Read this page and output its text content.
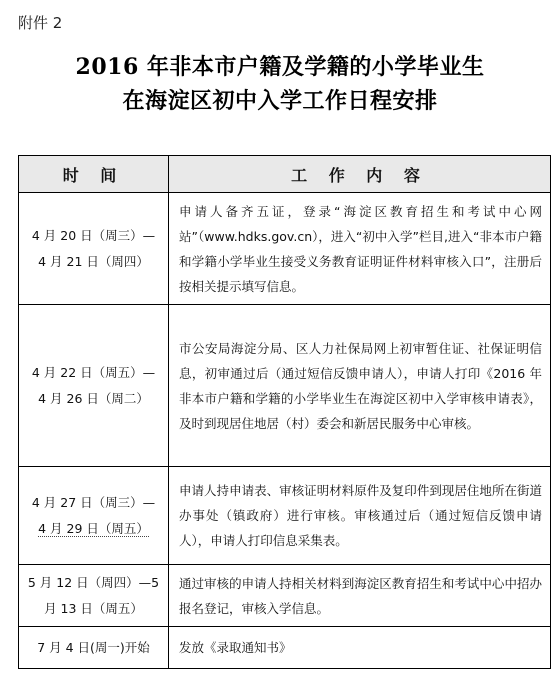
附件 2
2016 年非本市户籍及学籍的小学毕业生
在海淀区初中入学工作日程安排
时 间	工 作 内 容

4 月 20 日（周三）—
4 月 21 日（周四）	申请人备齐五证，登录“海淀区教育招生和考试中心网站”（www.hdks.gov.cn），进入“初中入学”栏目,进入“非本市户籍和学籍小学毕业生接受义务教育证明证件材料审核入口”，注册后按相关提示填写信息。

4 月 22 日（周五）—
4 月 26 日（周二）	市公安局海淀分局、区人力社保局网上初审暂住证、社保证明信息，初审通过后（通过短信反馈申请人），申请人打印《2016 年非本市户籍和学籍的小学毕业生在海淀区初中入学审核申请表》，及时到现居住地居（村）委会和新居民服务中心审核。

4 月 27 日（周三）—
4 月 29 日（周五）	申请人持申请表、审核证明材料原件及复印件到现居住地所在街道办事处（镇政府）进行审核。审核通过后（通过短信反馈申请人），申请人打印信息采集表。

5 月 12 日（周四）—5
月 13 日（周五）	通过审核的申请人持相关材料到海淀区教育招生和考试中心中招办报名登记，审核入学信息。

7 月 4 日(周一)开始	发放《录取通知书》
